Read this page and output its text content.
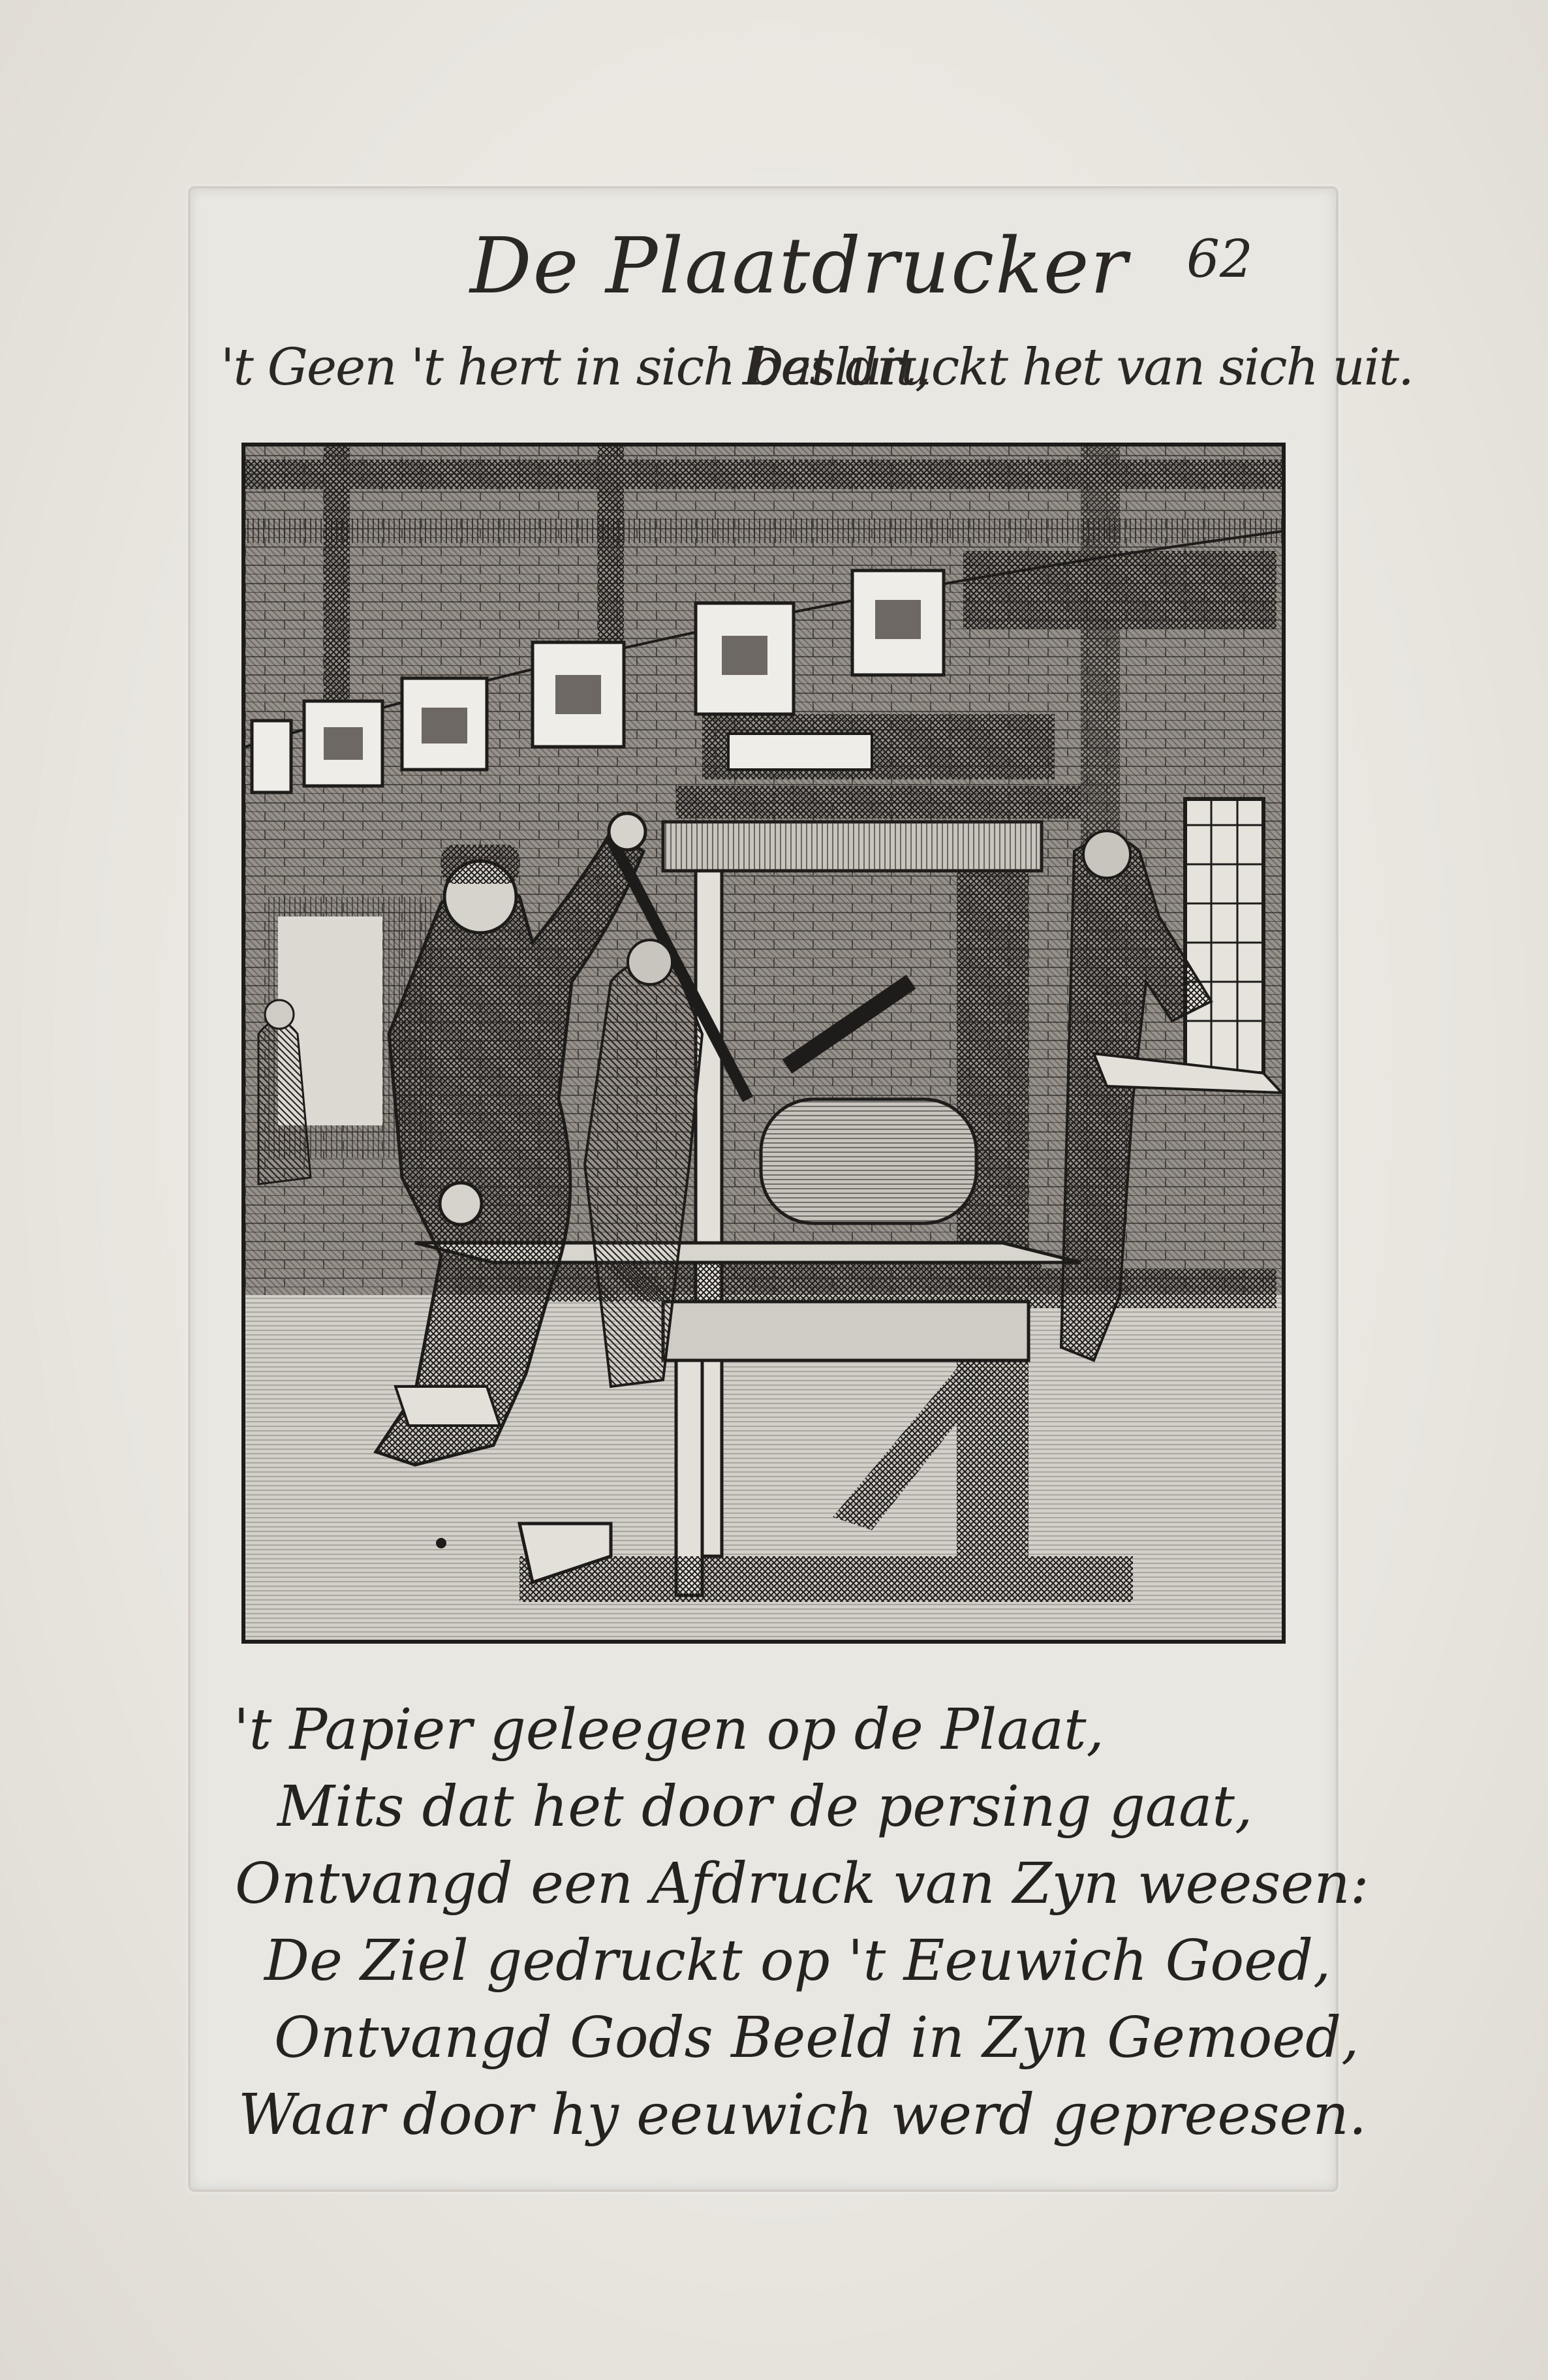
De Plaatdrucker 62
't Geen 't hert in sich besluit,
Dat druckt het van sich uit.
't Papier geleegen op de Plaat,
Mits dat het door de persing gaat,
Ontvangd een Afdruck van Zyn weesen:
De Ziel gedruckt op 't Eeuwich Goed,
Ontvangd Gods Beeld in Zyn Gemoed,
Waar door hy eeuwich werd gepreesen.
